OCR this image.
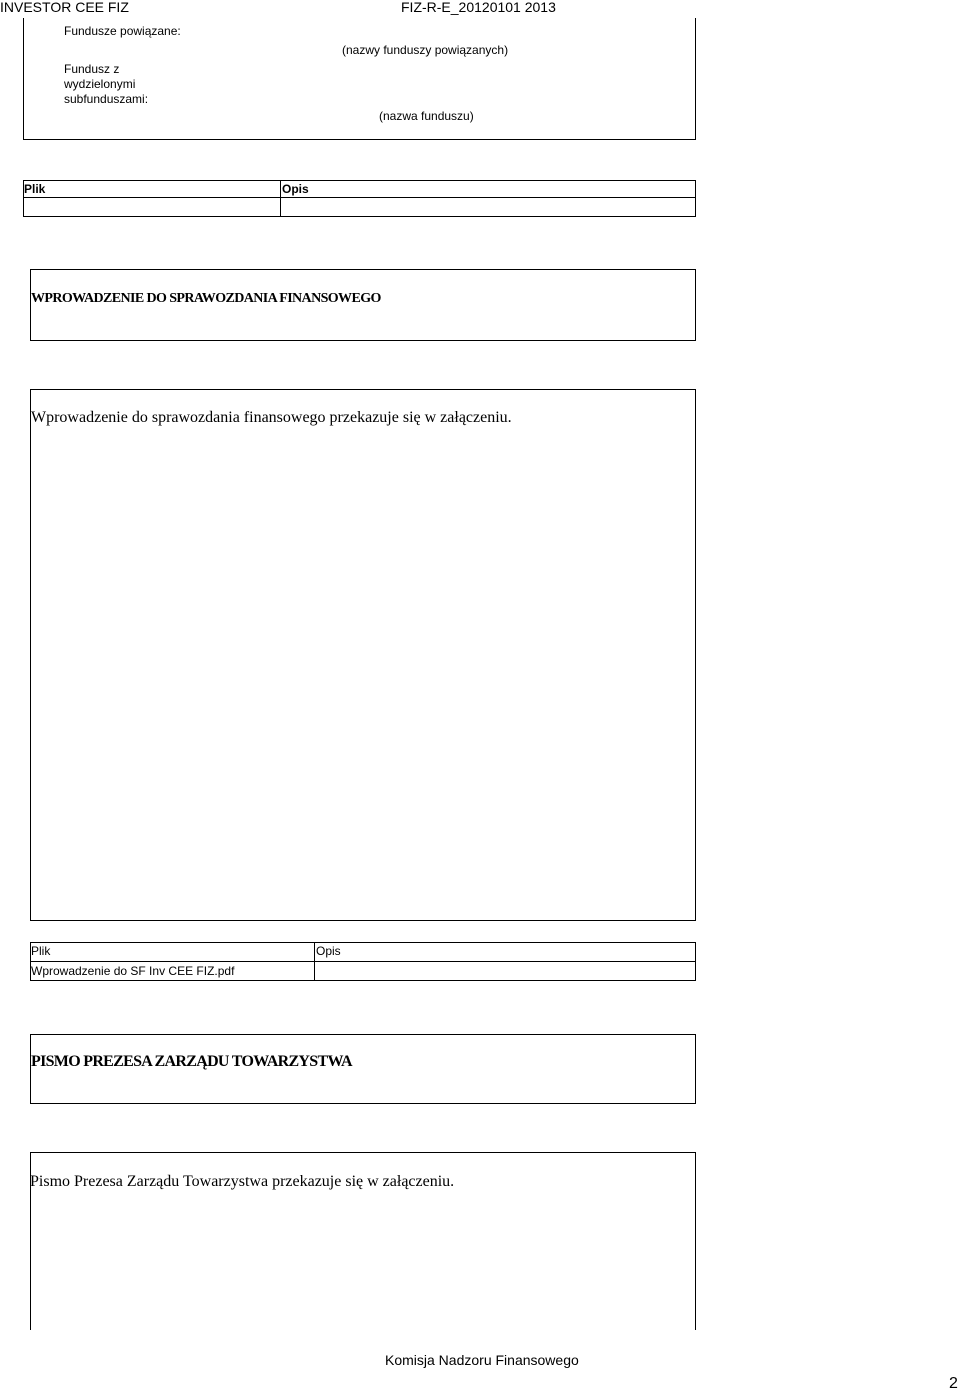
INVESTOR CEE FIZ	FIZ-R-E_20120101 2013
Fundusze powiązane:
(nazwy funduszy powiązanych)
Fundusz z
wydzielonymi
subfunduszami:
(nazwa funduszu)
Plik	Opis
WPROWADZENIE DO SPRAWOZDANIA FINANSOWEGO
Wprowadzenie do sprawozdania finansowego przekazuje się w załączeniu.
Plik	Opis
Wprowadzenie do SF Inv CEE FIZ.pdf
PISMO PREZESA ZARZĄDU TOWARZYSTWA
Pismo Prezesa Zarządu Towarzystwa przekazuje się w załączeniu.
Komisja Nadzoru Finansowego
2
